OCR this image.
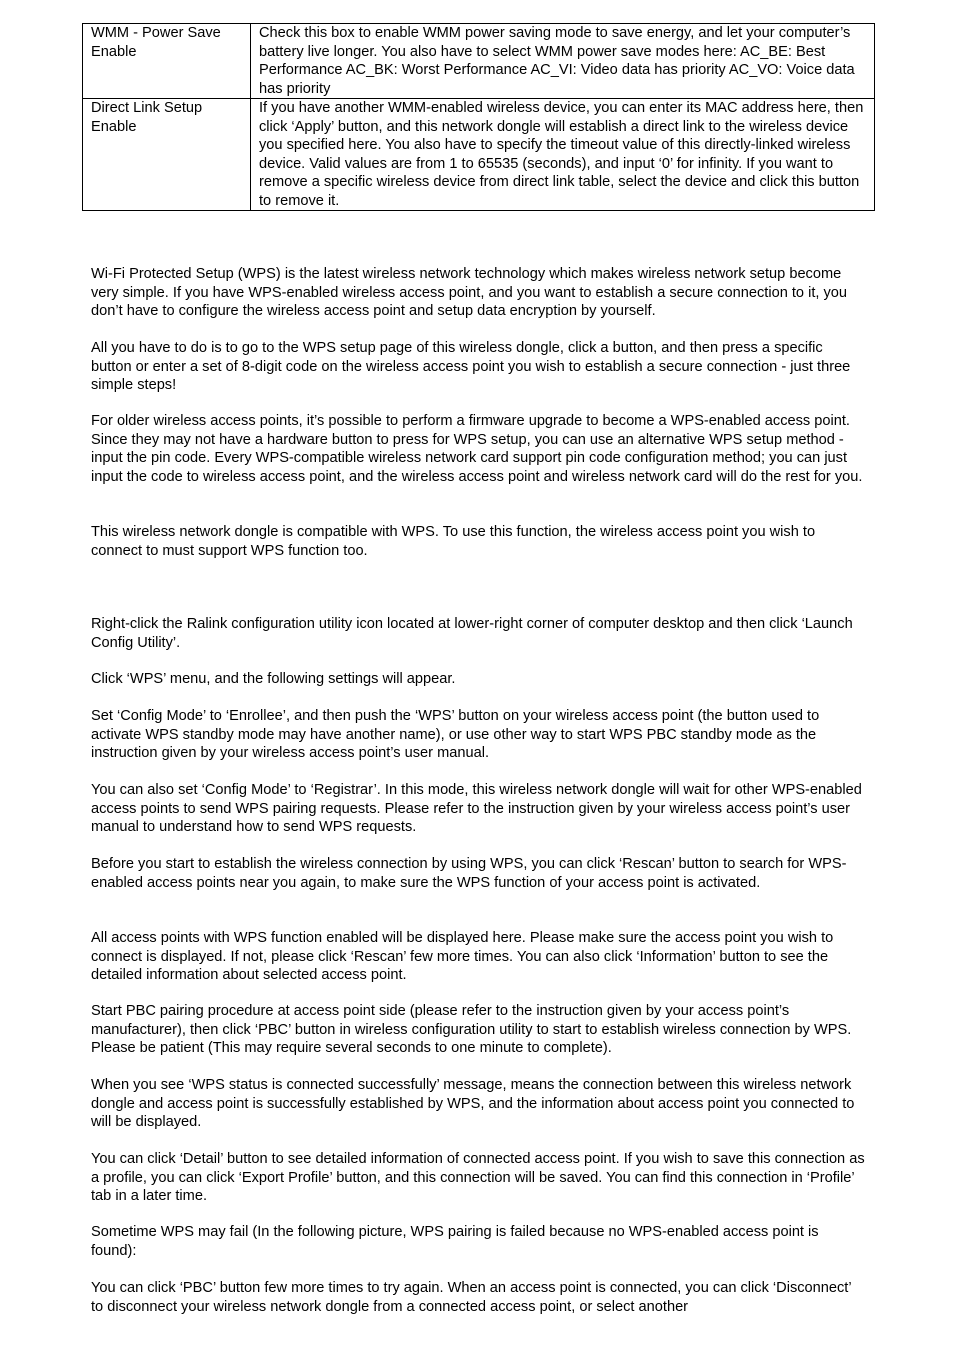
WMM - Power Save Enable	Check this box to enable WMM power saving mode to save energy, and let your computer’s battery live longer. You also have to select WMM power save modes here: AC_BE: Best Performance AC_BK: Worst Performance AC_VI: Video data has priority AC_VO: Voice data has priority
Direct Link Setup Enable	If you have another WMM-enabled wireless device, you can enter its MAC address here, then click ‘Apply’ button, and this network dongle will establish a direct link to the wireless device you specified here. You also have to specify the timeout value of this directly-linked wireless device. Valid values are from 1 to 65535 (seconds), and input ‘0’ for infinity. If you want to remove a specific wireless device from direct link table, select the device and click this button to remove it.

Wi-Fi Protected Setup (WPS) is the latest wireless network technology which makes wireless network setup become very simple. If you have WPS-enabled wireless access point, and you want to establish a secure connection to it, you don’t have to configure the wireless access point and setup data encryption by yourself.

All you have to do is to go to the WPS setup page of this wireless dongle, click a button, and then press a specific button or enter a set of 8-digit code on the wireless access point you wish to establish a secure connection - just three simple steps!

For older wireless access points, it’s possible to perform a firmware upgrade to become a WPS-enabled access point. Since they may not have a hardware button to press for WPS setup, you can use an alternative WPS setup method - input the pin code. Every WPS-compatible wireless network card support pin code configuration method; you can just input the code to wireless access point, and the wireless access point and wireless network card will do the rest for you.

This wireless network dongle is compatible with WPS. To use this function, the wireless access point you wish to connect to must support WPS function too.

Right-click the Ralink configuration utility icon located at lower-right corner of computer desktop and then click ‘Launch Config Utility’.

Click ‘WPS’ menu, and the following settings will appear.

Set ‘Config Mode’ to ‘Enrollee’, and then push the ‘WPS’ button on your wireless access point (the button used to activate WPS standby mode may have another name), or use other way to start WPS PBC standby mode as the instruction given by your wireless access point’s user manual.

You can also set ‘Config Mode’ to ‘Registrar’. In this mode, this wireless network dongle will wait for other WPS-enabled access points to send WPS pairing requests. Please refer to the instruction given by your wireless access point’s user manual to understand how to send WPS requests.

Before you start to establish the wireless connection by using WPS, you can click ‘Rescan’ button to search for WPS-enabled access points near you again, to make sure the WPS function of your access point is activated.

All access points with WPS function enabled will be displayed here. Please make sure the access point you wish to connect is displayed. If not, please click ‘Rescan’ few more times. You can also click ‘Information’ button to see the detailed information about selected access point.

Start PBC pairing procedure at access point side (please refer to the instruction given by your access point’s manufacturer), then click ‘PBC’ button in wireless configuration utility to start to establish wireless connection by WPS. Please be patient (This may require several seconds to one minute to complete).

When you see ‘WPS status is connected successfully’ message, means the connection between this wireless network dongle and access point is successfully established by WPS, and the information about access point you connected to will be displayed.

You can click ‘Detail’ button to see detailed information of connected access point. If you wish to save this connection as a profile, you can click ‘Export Profile’ button, and this connection will be saved. You can find this connection in ‘Profile’ tab in a later time.

Sometime WPS may fail (In the following picture, WPS pairing is failed because no WPS-enabled access point is found):

You can click ‘PBC’ button few more times to try again. When an access point is connected, you can click ‘Disconnect’ to disconnect your wireless network dongle from a connected access point, or select another
